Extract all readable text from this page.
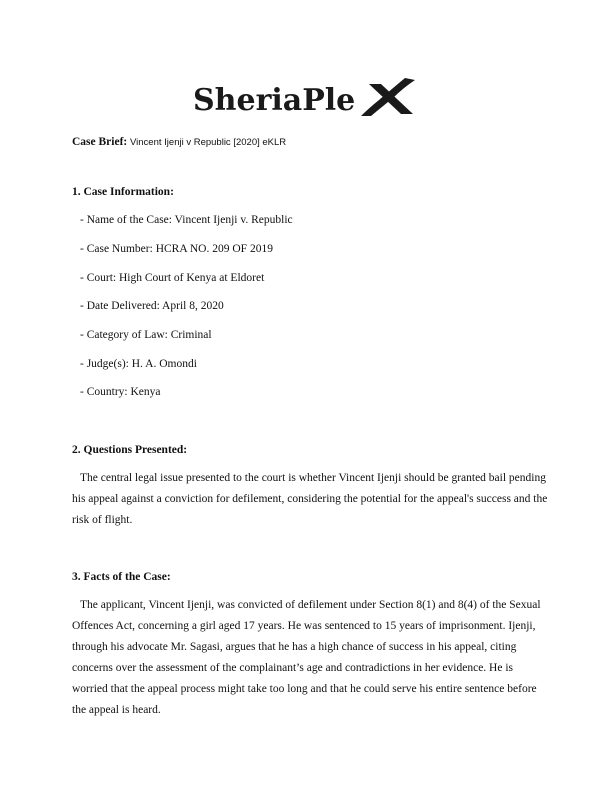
SheriaPle
Case Brief: Vincent Ijenji v Republic [2020] eKLR
1. Case Information:
- Name of the Case: Vincent Ijenji v. Republic
- Case Number: HCRA NO. 209 OF 2019
- Court: High Court of Kenya at Eldoret
- Date Delivered: April 8, 2020
- Category of Law: Criminal
- Judge(s): H. A. Omondi
- Country: Kenya
2. Questions Presented:

The central legal issue presented to the court is whether Vincent Ijenji should be granted bail pending his appeal against a conviction for defilement, considering the potential for the appeal's success and the risk of flight.

3. Facts of the Case:

The applicant, Vincent Ijenji, was convicted of defilement under Section 8(1) and 8(4) of the Sexual Offences Act, concerning a girl aged 17 years. He was sentenced to 15 years of imprisonment. Ijenji, through his advocate Mr. Sagasi, argues that he has a high chance of success in his appeal, citing concerns over the assessment of the complainant’s age and contradictions in her evidence. He is worried that the appeal process might take too long and that he could serve his entire sentence before the appeal is heard.
